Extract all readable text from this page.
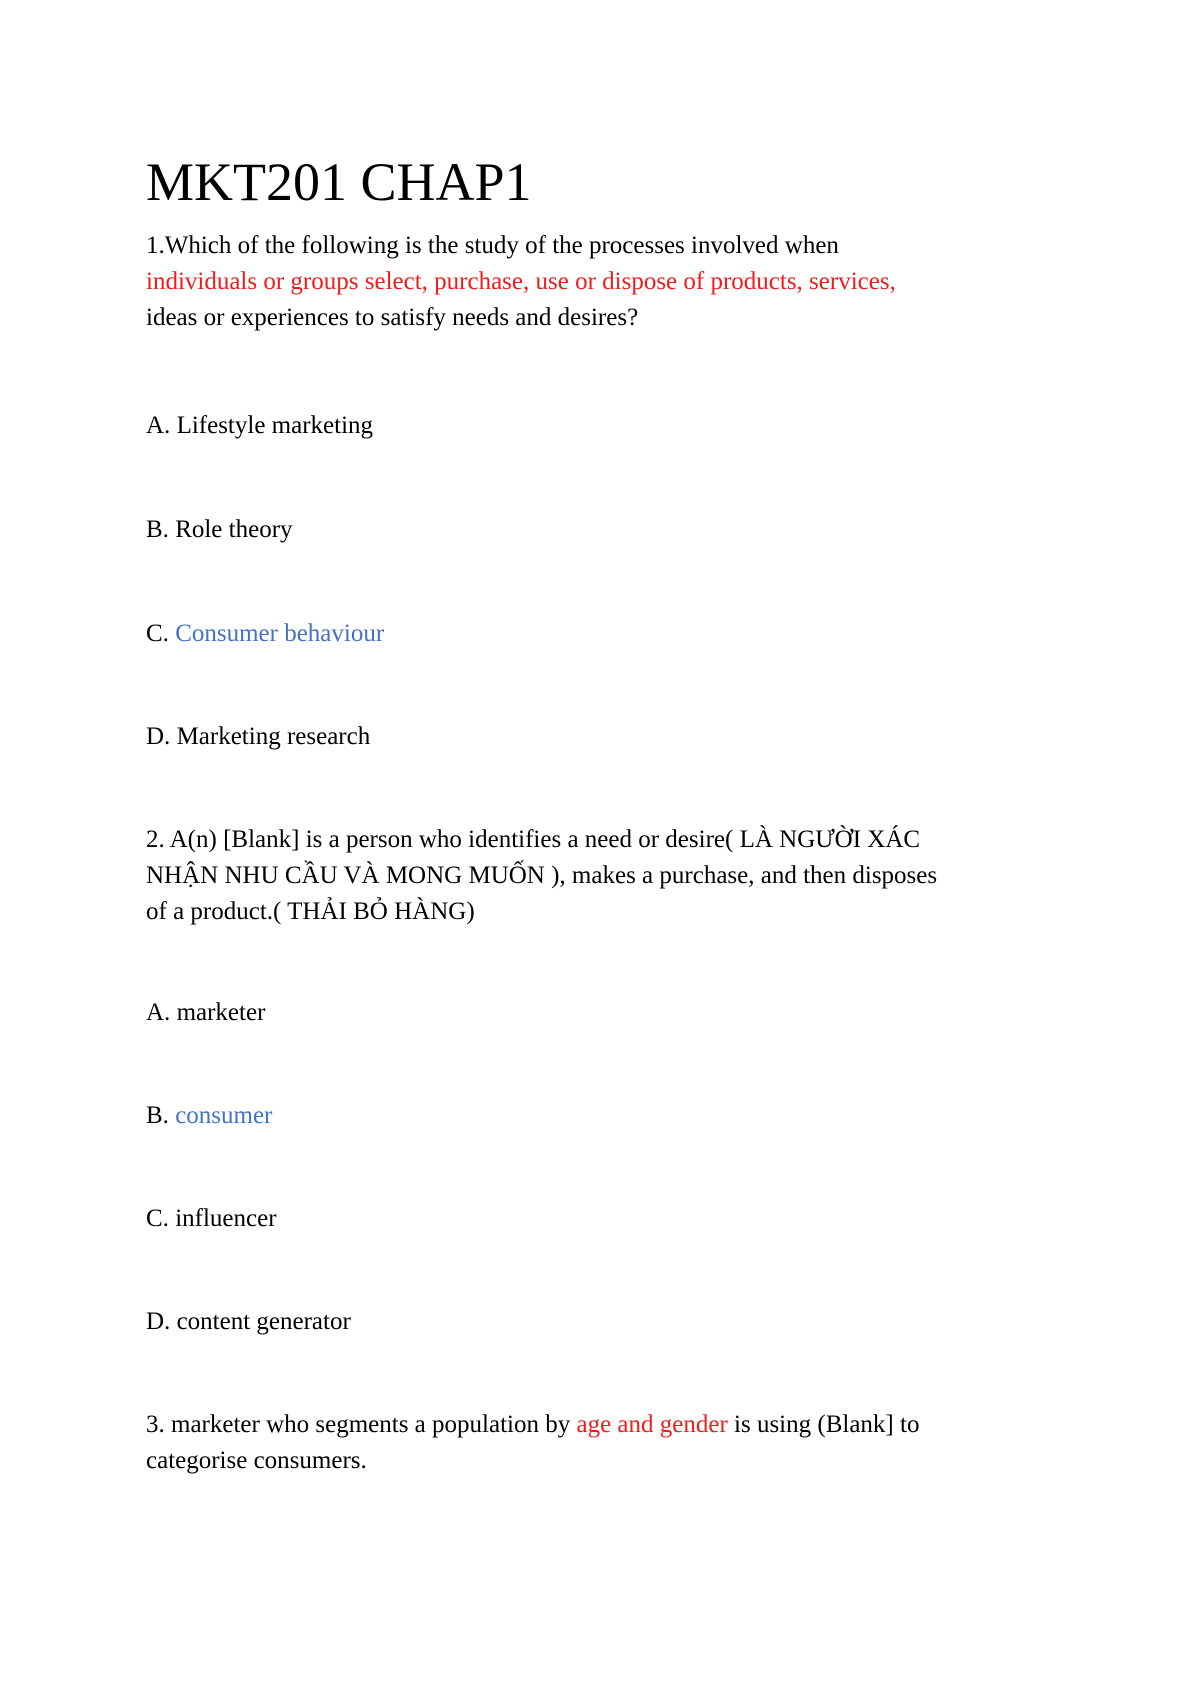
MKT201 CHAP1
1.Which of the following is the study of the processes involved when
individuals or groups select, purchase, use or dispose of products, services,
ideas or experiences to satisfy needs and desires?
A. Lifestyle marketing
B. Role theory
C. Consumer behaviour
D. Marketing research
2. A(n) [Blank] is a person who identifies a need or desire( LÀ NGƯỜI XÁC
NHẬN NHU CẦU VÀ MONG MUỐN ), makes a purchase, and then disposes
of a product.( THẢI BỎ HÀNG)
A. marketer
B. consumer
C. influencer
D. content generator
3. marketer who segments a population by age and gender is using (Blank] to
categorise consumers.
